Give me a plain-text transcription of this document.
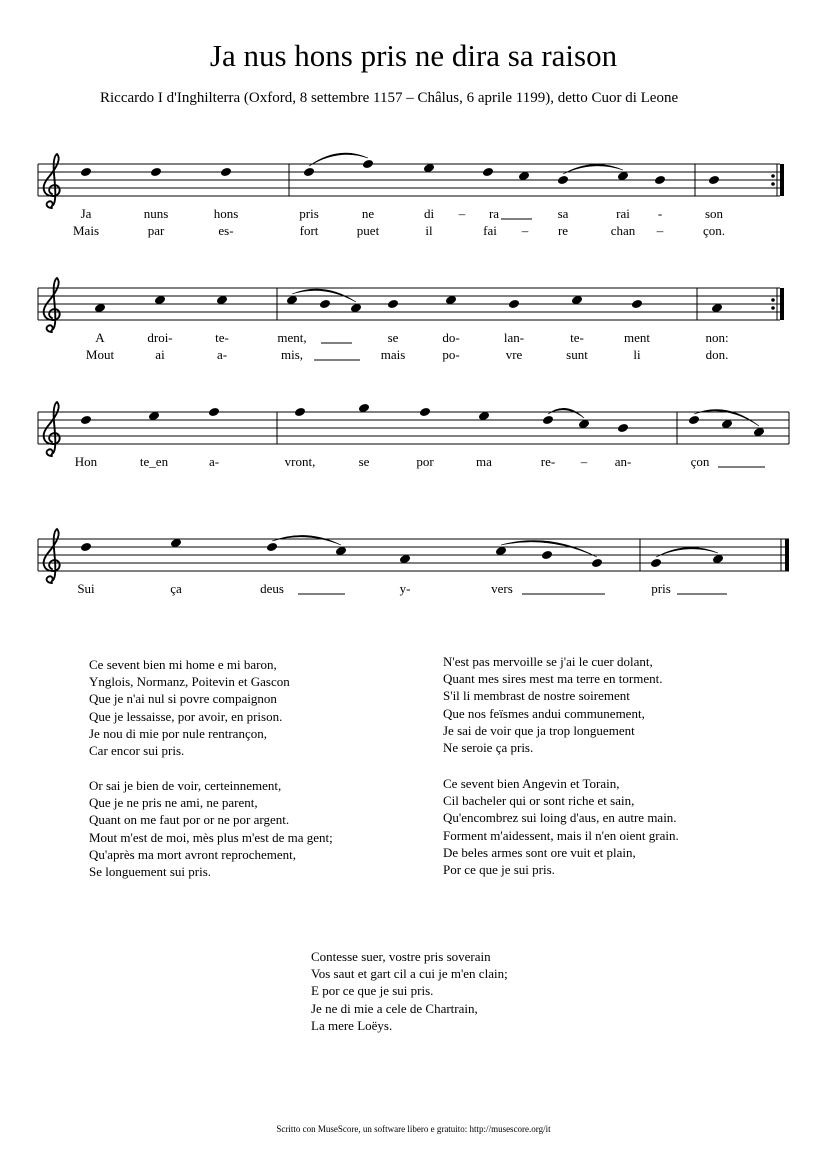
Ja nus hons pris ne dira sa raison
Riccardo I d'Inghilterra (Oxford, 8 settembre 1157 – Châlus, 6 aprile 1199), detto Cuor di Leone
Ja	nuns	hons	pris	ne	di – ra	sa	rai -	son
Mais	par	es-	fort	puet	il	fai – re	chan –	çon.
A	droi-	te-	ment,	se	do-	lan-	te-	ment	non:
Mout	ai	a-	mis,	mais	po-	vre	sunt	li	don.
Hon	te_en	a-	vront,	se	por	ma	re- – an-	çon
Sui	ça	deus	y-	vers	pris
Ce sevent bien mi home e mi baron,
Ynglois, Normanz, Poitevin et Gascon
Que je n'ai nul si povre compaignon
Que je lessaisse, por avoir, en prison.
Je nou di mie por nule rentrançon,
Car encor sui pris.
N'est pas mervoille se j'ai le cuer dolant,
Quant mes sires mest ma terre en torment.
S'il li membrast de nostre soirement
Que nos feïsmes andui communement,
Je sai de voir que ja trop longuement
Ne seroie ça pris.
Or sai je bien de voir, certeinnement,
Que je ne pris ne ami, ne parent,
Quant on me faut por or ne por argent.
Mout m'est de moi, mès plus m'est de ma gent;
Qu'après ma mort avront reprochement,
Se longuement sui pris.
Ce sevent bien Angevin et Torain,
Cil bacheler qui or sont riche et sain,
Qu'encombrez sui loing d'aus, en autre main.
Forment m'aidessent, mais il n'en oient grain.
De beles armes sont ore vuit et plain,
Por ce que je sui pris.
Contesse suer, vostre pris soverain
Vos saut et gart cil a cui je m'en clain;
E por ce que je sui pris.
Je ne di mie a cele de Chartrain,
La mere Loëys.
Scritto con MuseScore, un software libero e gratuito: http://musescore.org/it
